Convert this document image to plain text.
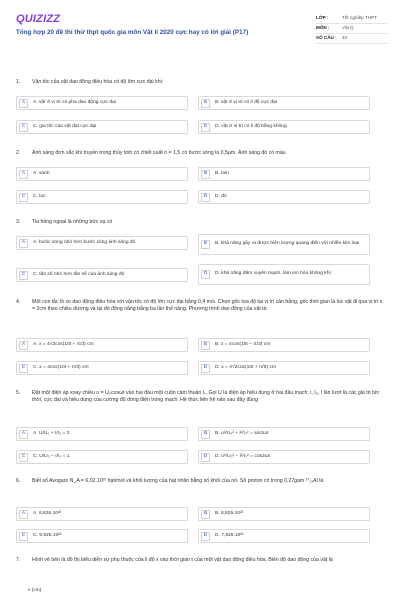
QUIZIZZ
Tổng hợp 20 đề thi thử thpt quốc gia môn Vật lí 2020 cực hay có lời giải (P17)
LỚP :	Tốt nghiệp THPT
MÔN :	Vật lý
SỐ CÂU :	40
1. Vận tốc của vật dao động điều hòa có độ lớn cực đại khi:
A	A. vật ở vị trí có pha dao động cực đại	B	B. vật ở vị trí có li độ cực đại
C	C. gia tốc của vật đạt cực đại	D	D. vật ở vị trí có li độ bằng không
2. Ánh sáng đơn sắc khi truyền trong thủy tinh có chiết suất n = 1,5 có bước sóng là 0,5μm. Ánh sáng đó có màu
A	A. xanh	B	B. lam
C	C. lục	D	D. đỏ
3. Tia hồng ngoại là những bức xạ có
A	A. bước sóng nhỏ hơn bước sóng ánh sáng đỏ	B	B. khả năng gây ra được hiện tượng quang điện với nhiều kim loại
C	C. tần số nhỏ hơn tần số của ánh sáng đỏ	D	D. khả năng đâm xuyên mạnh, làm ion hóa không khí
4. Một con lắc lò xo dao động điều hòa với vận tốc có độ lớn cực đại bằng 0,4 m/s. Chọn gốc tọa độ tại vị trí cân bằng, gốc thời gian là lúc vật đi qua vị trí x = 2cm theo chiều dương và tại đó động năng bằng ba lần thế năng. Phương trình dao động của vật là:
A	A. x = 4√2cos(10t + π/3) cm	B	B. x = 4cos(10t − π/3) cm
C	C. x = 4cos(10t + π/3) cm	D	D. x = 4√2cos(10t + π/6) cm
5. Đặt một điện áp xoay chiều u = U₀cosωt vào hai đầu một cuộn cảm thuần L. Gọi U là điện áp hiệu dụng ở hai đầu mạch; i, I₀, I lần lượt là các giá trị tức thời, cực đại và hiệu dụng của cường độ dòng điện trong mạch. Hệ thức liên hệ nào sau đây đúng
A	A. U/U₀ + I/I₀ = 2	B	B. u²/U₀² + i²/I₀² = sin2ωt
C	C. U/U₀ − I/I₀ = 1	D	D. u²/U₀² − i²/I₀² = cos2ωt
6. Biết số Avogaro N_A = 6,02.10²³ hạt/mol và khối lượng của hạt nhân bằng số khối của nó. Số proton có trong 0,27gam ²⁷₁₃Al là
A	A. 6,826.10²²	B	B. 8,826.10²²
C	C. 9,826.10²²	D	D. 7,826.10²²
7. Hình vẽ bên là đồ thị biểu diễn sự phụ thuộc của li độ x vào thời gian t của một vật dao động điều hòa. Biên độ dao động của vật là
x (cm)
